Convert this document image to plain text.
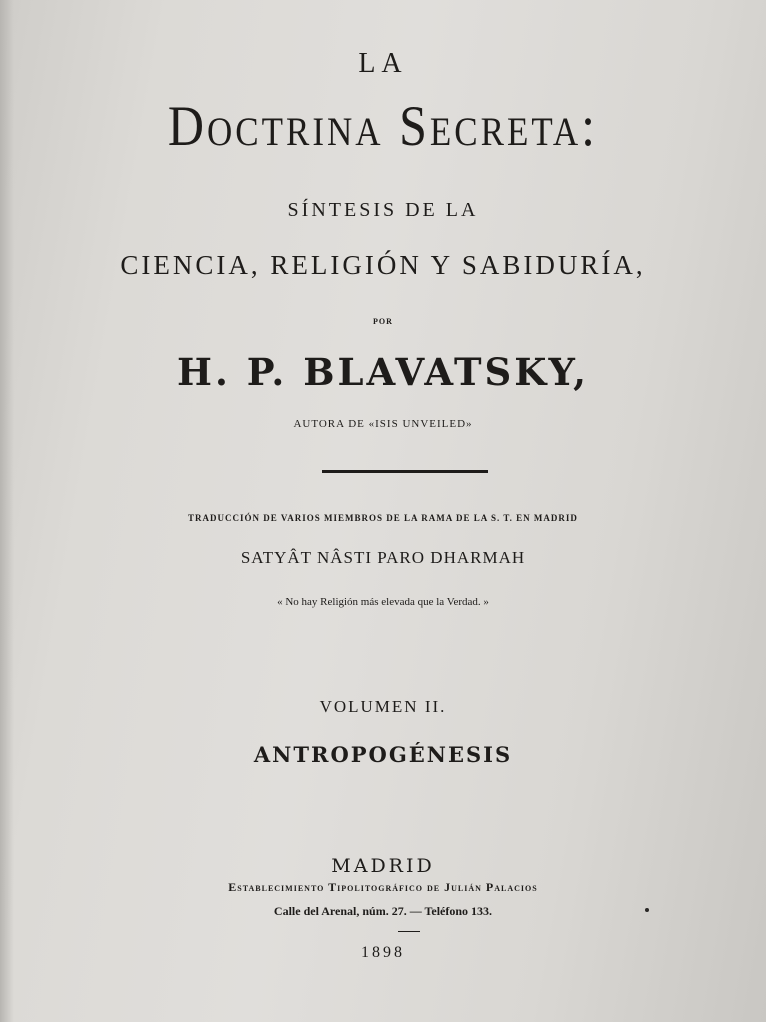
LA
Doctrina Secreta:
SÍNTESIS DE LA
CIENCIA, RELIGIÓN Y SABIDURÍA,
POR
H. P. BLAVATSKY,
AUTORA DE «ISIS UNVEILED»
TRADUCCIÓN DE VARIOS MIEMBROS DE LA RAMA DE LA S. T. EN MADRID
SATYÂT NÂSTI PARO DHARMAH
« No hay Religión más elevada que la Verdad. »
VOLUMEN II.
ANTROPOGÉNESIS
MADRID
Establecimiento Tipolitográfico de Julián Palacios
Calle del Arenal, núm. 27. — Teléfono 133.
1898
